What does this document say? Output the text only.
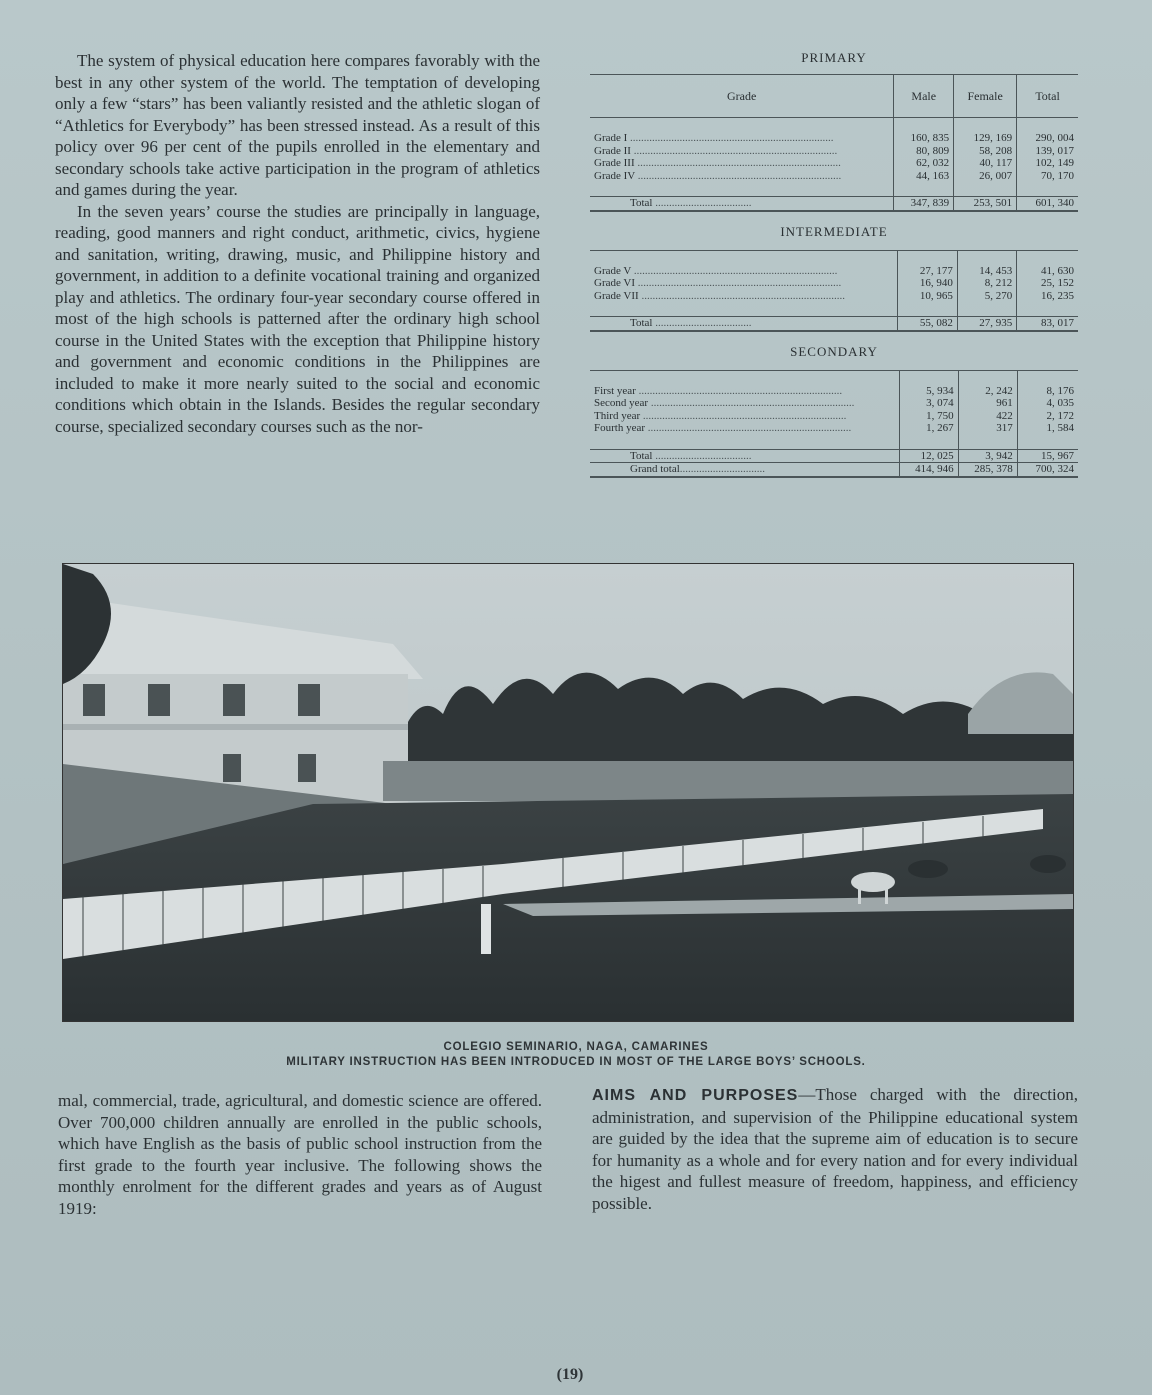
The system of physical education here compares favorably with the best in any other system of the world. The temptation of developing only a few “stars” has been valiantly resisted and the athletic slogan of “Athletics for Everybody” has been stressed instead. As a result of this policy over 96 per cent of the pupils enrolled in the elementary and secondary schools take active participation in the program of athletics and games during the year.

In the seven years’ course the studies are principally in language, reading, good manners and right conduct, arithmetic, civics, hygiene and sanitation, writing, drawing, music, and Philippine history and government, in addition to a definite vocational training and organized play and athletics. The ordinary four-year secondary course offered in most of the high schools is patterned after the ordinary high school course in the United States with the exception that Philippine history and government and economic conditions in the Philippines are included to make it more nearly suited to the social and economic conditions which obtain in the Islands. Besides the regular secondary course, specialized secondary courses such as the nor-

PRIMARY

Grade	Male	Female	Total

Grade I ..........................................................................	160, 835	129, 169	290, 004
Grade II ..........................................................................	80, 809	58, 208	139, 017
Grade III ..........................................................................	62, 032	40, 117	102, 149
Grade IV ..........................................................................	44, 163	26, 007	70, 170

Total ...................................	347, 839	253, 501	601, 340

INTERMEDIATE

Grade V ..........................................................................	27, 177	14, 453	41, 630
Grade VI ..........................................................................	16, 940	8, 212	25, 152
Grade VII ..........................................................................	10, 965	5, 270	16, 235

Total ...................................	55, 082	27, 935	83, 017

SECONDARY

First year ..........................................................................	5, 934	2, 242	8, 176
Second year ..........................................................................	3, 074	961	4, 035
Third year ..........................................................................	1, 750	422	2, 172
Fourth year ..........................................................................	1, 267	317	1, 584

Total ...................................	12, 025	3, 942	15, 967
Grand total...............................	414, 946	285, 378	700, 324
COLEGIO SEMINARIO, NAGA, CAMARINES
MILITARY INSTRUCTION HAS BEEN INTRODUCED IN MOST OF THE LARGE BOYS’ SCHOOLS.

mal, commercial, trade, agricultural, and domestic science are offered. Over 700,000 children annually are enrolled in the public schools, which have English as the basis of public school instruction from the first grade to the fourth year inclusive. The following shows the monthly enrolment for the different grades and years as of August 1919:

AIMS AND PURPOSES—Those charged with the direction, administration, and supervision of the Philippine educational system are guided by the idea that the supreme aim of education is to secure for humanity as a whole and for every nation and for every individual the higest and fullest measure of freedom, happiness, and efficiency possible.

(19)
